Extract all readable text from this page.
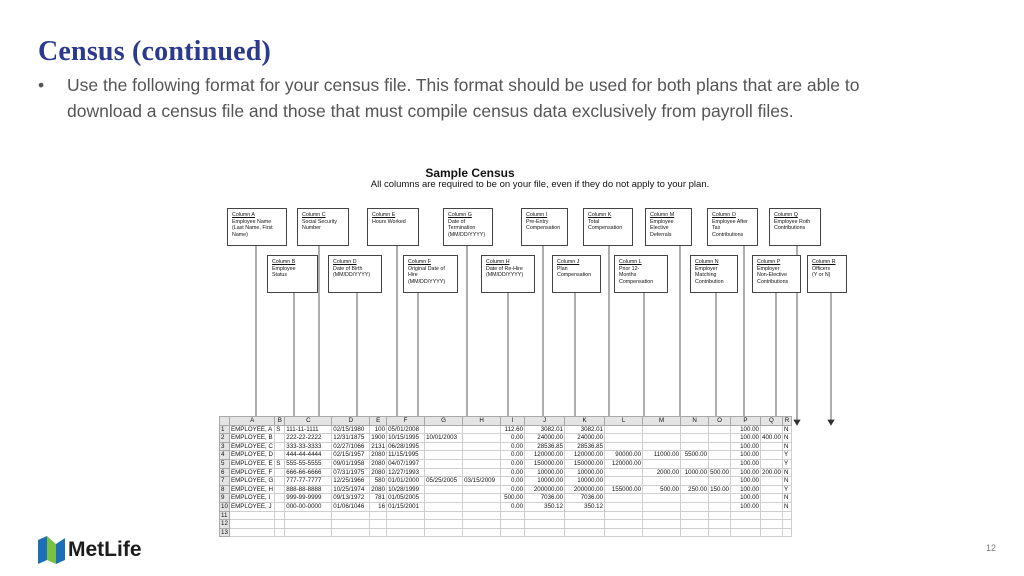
Census (continued)
•	Use the following format for your census file. This format should be used for both plans that are able to download a census file and those that must compile census data exclusively from payroll files.
Sample Census
All columns are required to be on your file, even if they do not apply to your plan.
Column A
Employee Name
(Last Name, First
Name)
Column C
Social Security
Number
Column E
Hours Worked
Column G
Date of
Termination
(MM/DD/YYYY)
Column I
Pre-Entry
Compensation
Column K
Total
Compensation
Column M
Employee
Elective
Deferrals
Column O
Employee After
Tax
Contributions
Column Q
Employee Roth
Contributions
Column B
Employee
Status
Column D
Date of Birth
(MM/DD/YYYY)
Column F
Original Date of
Hire
(MM/DD/YYYY)
Column H
Date of Re-Hire
(MM/DD/YYYY)
Column J
Plan
Compensation
Column L
Prior 12-
Months
Compensation
Column N
Employer
Matching
Contribution
Column P
Employer
Non-Elective
Contributions
Column R
Officers
(Y or N)
	A	B	C	D	E	F	G	H	I	J	K	L	M	N	O	P	Q	R
1	EMPLOYEE, A	S	111-11-1111	02/15/1980	100	05/01/2008			112.60	3082.01	3082.01					100.00		N
2	EMPLOYEE, B		222-22-2222	12/31/1875	1900	10/15/1995	10/01/2003		0.00	24000.00	24000.00					100.00	400.00	N
3	EMPLOYEE, C		333-33-3333	02/27/1066	2131	06/28/1995			0.00	28536.85	28536.85					100.00		N
4	EMPLOYEE, D		444-44-4444	02/15/1957	2080	11/15/1995			0.00	120000.00	120000.00	90000.00	11000.00	5500.00		100.00		Y
5	EMPLOYEE, E	S	555-55-5555	09/01/1958	2080	04/07/1997			0.00	150000.00	150000.00	120000.00				100.00		Y
6	EMPLOYEE, F		666-66-6666	07/31/1975	2080	12/27/1993			0.00	10000.00	10000.00		2000.00	1000.00	500.00	100.00	200.00	N
7	EMPLOYEE, G		777-77-7777	12/25/1966	580	01/01/2000	05/25/2005	03/15/2009	0.00	10000.00	10000.00					100.00		N
8	EMPLOYEE, H		888-88-8888	10/25/1974	2080	10/28/1999			0.00	200000.00	200000.00	155000.00	500.00	250.00	150.00	100.00		Y
9	EMPLOYEE, I		999-99-9999	09/13/1972	781	01/05/2005			500.00	7036.00	7036.00					100.00		N
10	EMPLOYEE, J		000-00-0000	01/06/1046	16	01/15/2001			0.00	350.12	350.12					100.00		N
11																		
12																		
13																		
MetLife	12
